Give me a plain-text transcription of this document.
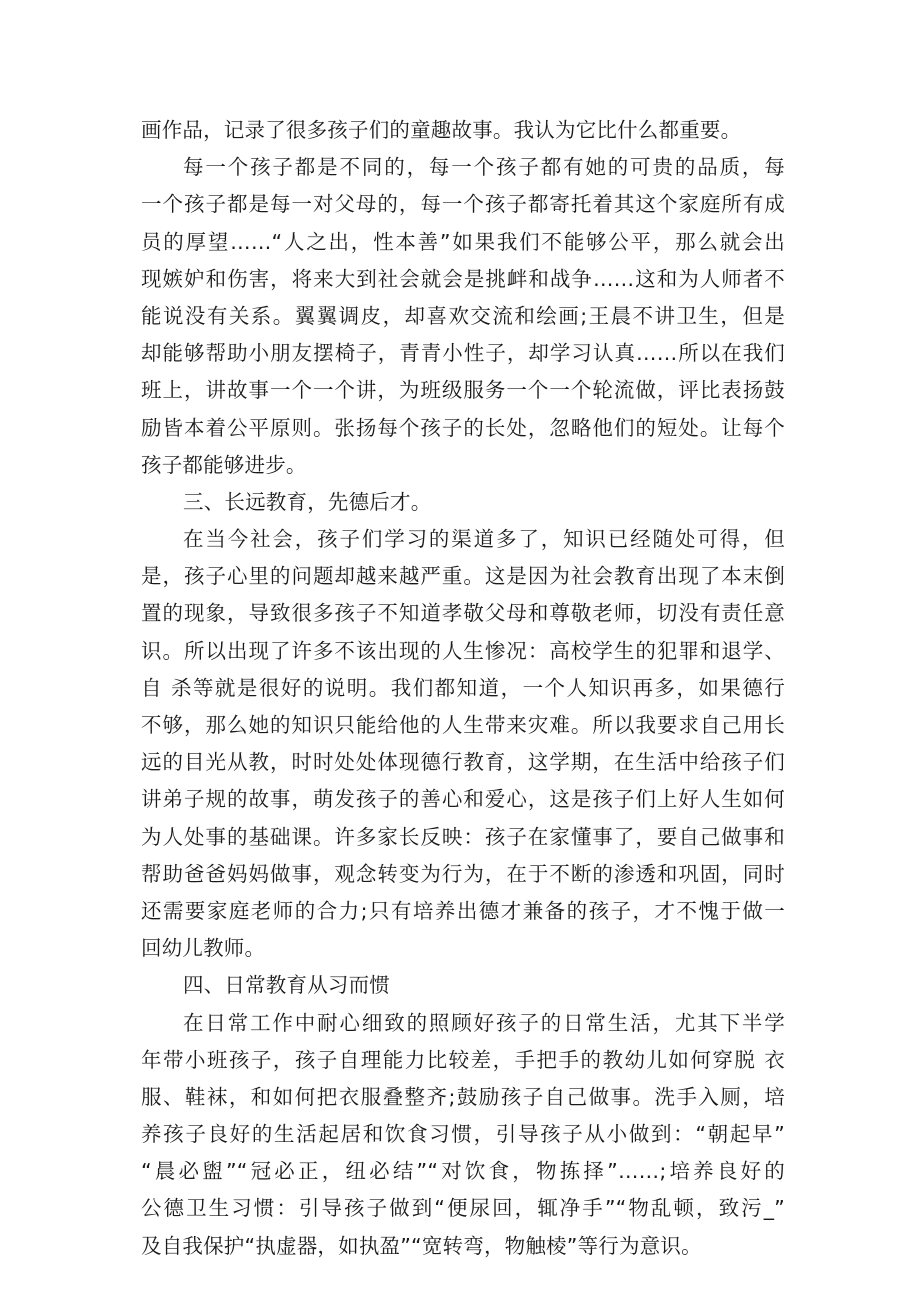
画作品，记录了很多孩子们的童趣故事。我认为它比什么都重要。
每一个孩子都是不同的，每一个孩子都有她的可贵的品质，每
一个孩子都是每一对父母的，每一个孩子都寄托着其这个家庭所有成
员的厚望……“人之出，性本善”如果我们不能够公平，那么就会出
现嫉妒和伤害，将来大到社会就会是挑衅和战争……这和为人师者不
能说没有关系。翼翼调皮，却喜欢交流和绘画;王晨不讲卫生，但是
却能够帮助小朋友摆椅子，青青小性子，却学习认真……所以在我们
班上，讲故事一个一个讲，为班级服务一个一个轮流做，评比表扬鼓
励皆本着公平原则。张扬每个孩子的长处，忽略他们的短处。让每个
孩子都能够进步。
三、长远教育，先德后才。
在当今社会，孩子们学习的渠道多了，知识已经随处可得，但
是，孩子心里的问题却越来越严重。这是因为社会教育出现了本末倒
置的现象，导致很多孩子不知道孝敬父母和尊敬老师，切没有责任意
识。所以出现了许多不该出现的人生惨况：高校学生的犯罪和退学、
自 杀等就是很好的说明。我们都知道，一个人知识再多，如果德行
不够，那么她的知识只能给他的人生带来灾难。所以我要求自己用长
远的目光从教，时时处处体现德行教育，这学期，在生活中给孩子们
讲弟子规的故事，萌发孩子的善心和爱心，这是孩子们上好人生如何
为人处事的基础课。许多家长反映：孩子在家懂事了，要自己做事和
帮助爸爸妈妈做事，观念转变为行为，在于不断的渗透和巩固，同时
还需要家庭老师的合力;只有培养出德才兼备的孩子，才不愧于做一
回幼儿教师。
四、日常教育从习而惯
在日常工作中耐心细致的照顾好孩子的日常生活，尤其下半学
年带小班孩子，孩子自理能力比较差，手把手的教幼儿如何穿脱 衣
服、鞋袜，和如何把衣服叠整齐;鼓励孩子自己做事。洗手入厕，培
养孩子良好的生活起居和饮食习惯，引导孩子从小做到：“朝起早”
“晨必盥”“冠必正，纽必结”“对饮食，物拣择”……;培养良好的
公德卫生习惯：引导孩子做到“便尿回，辄净手”“物乱顿，致污_”
及自我保护“执虚器，如执盈”“宽转弯，物触棱”等行为意识。
